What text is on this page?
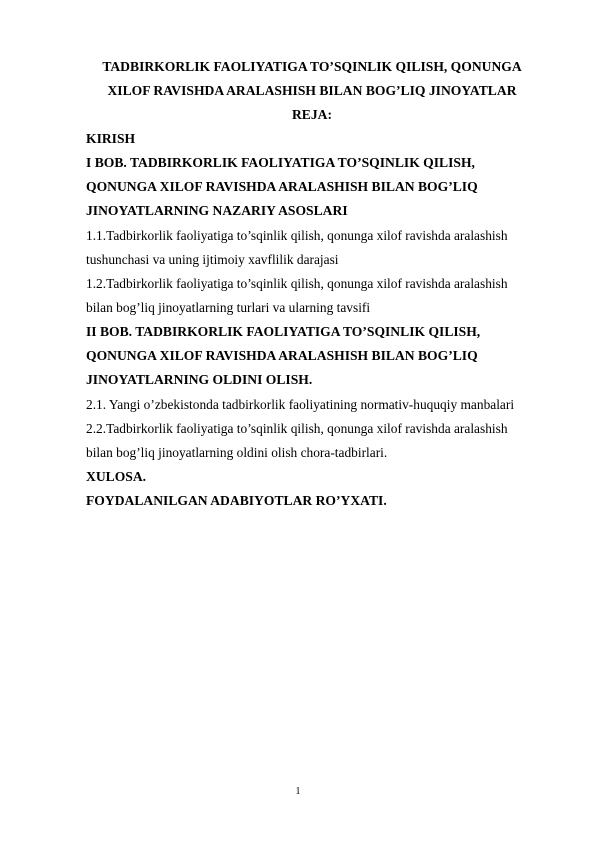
TADBIRKORLIK FAOLIYATIGA TO’SQINLIK QILISH, QONUNGA
XILOF RAVISHDA ARALASHISH BILAN BOG’LIQ JINOYATLAR
REJA:
KIRISH
I BOB. TADBIRKORLIK FAOLIYATIGA TO’SQINLIK QILISH,
QONUNGA XILOF RAVISHDA ARALASHISH BILAN BOG’LIQ
JINOYATLARNING NAZARIY ASOSLARI
1.1.Tadbirkorlik faoliyatiga to’sqinlik qilish, qonunga xilof ravishda aralashish
tushunchasi va uning ijtimoiy xavflilik darajasi
1.2.Tadbirkorlik faoliyatiga to’sqinlik qilish, qonunga xilof ravishda aralashish
bilan bog’liq jinoyatlarning turlari va ularning tavsifi
II BOB. TADBIRKORLIK FAOLIYATIGA TO’SQINLIK QILISH,
QONUNGA XILOF RAVISHDA ARALASHISH BILAN BOG’LIQ
JINOYATLARNING OLDINI OLISH.
2.1. Yangi o’zbekistonda tadbirkorlik faoliyatining normativ-huquqiy manbalari
2.2.Tadbirkorlik faoliyatiga to’sqinlik qilish, qonunga xilof ravishda aralashish
bilan bog’liq jinoyatlarning oldini olish chora-tadbirlari.
XULOSA.
FOYDALANILGAN ADABIYOTLAR RO’YXATI.
1
